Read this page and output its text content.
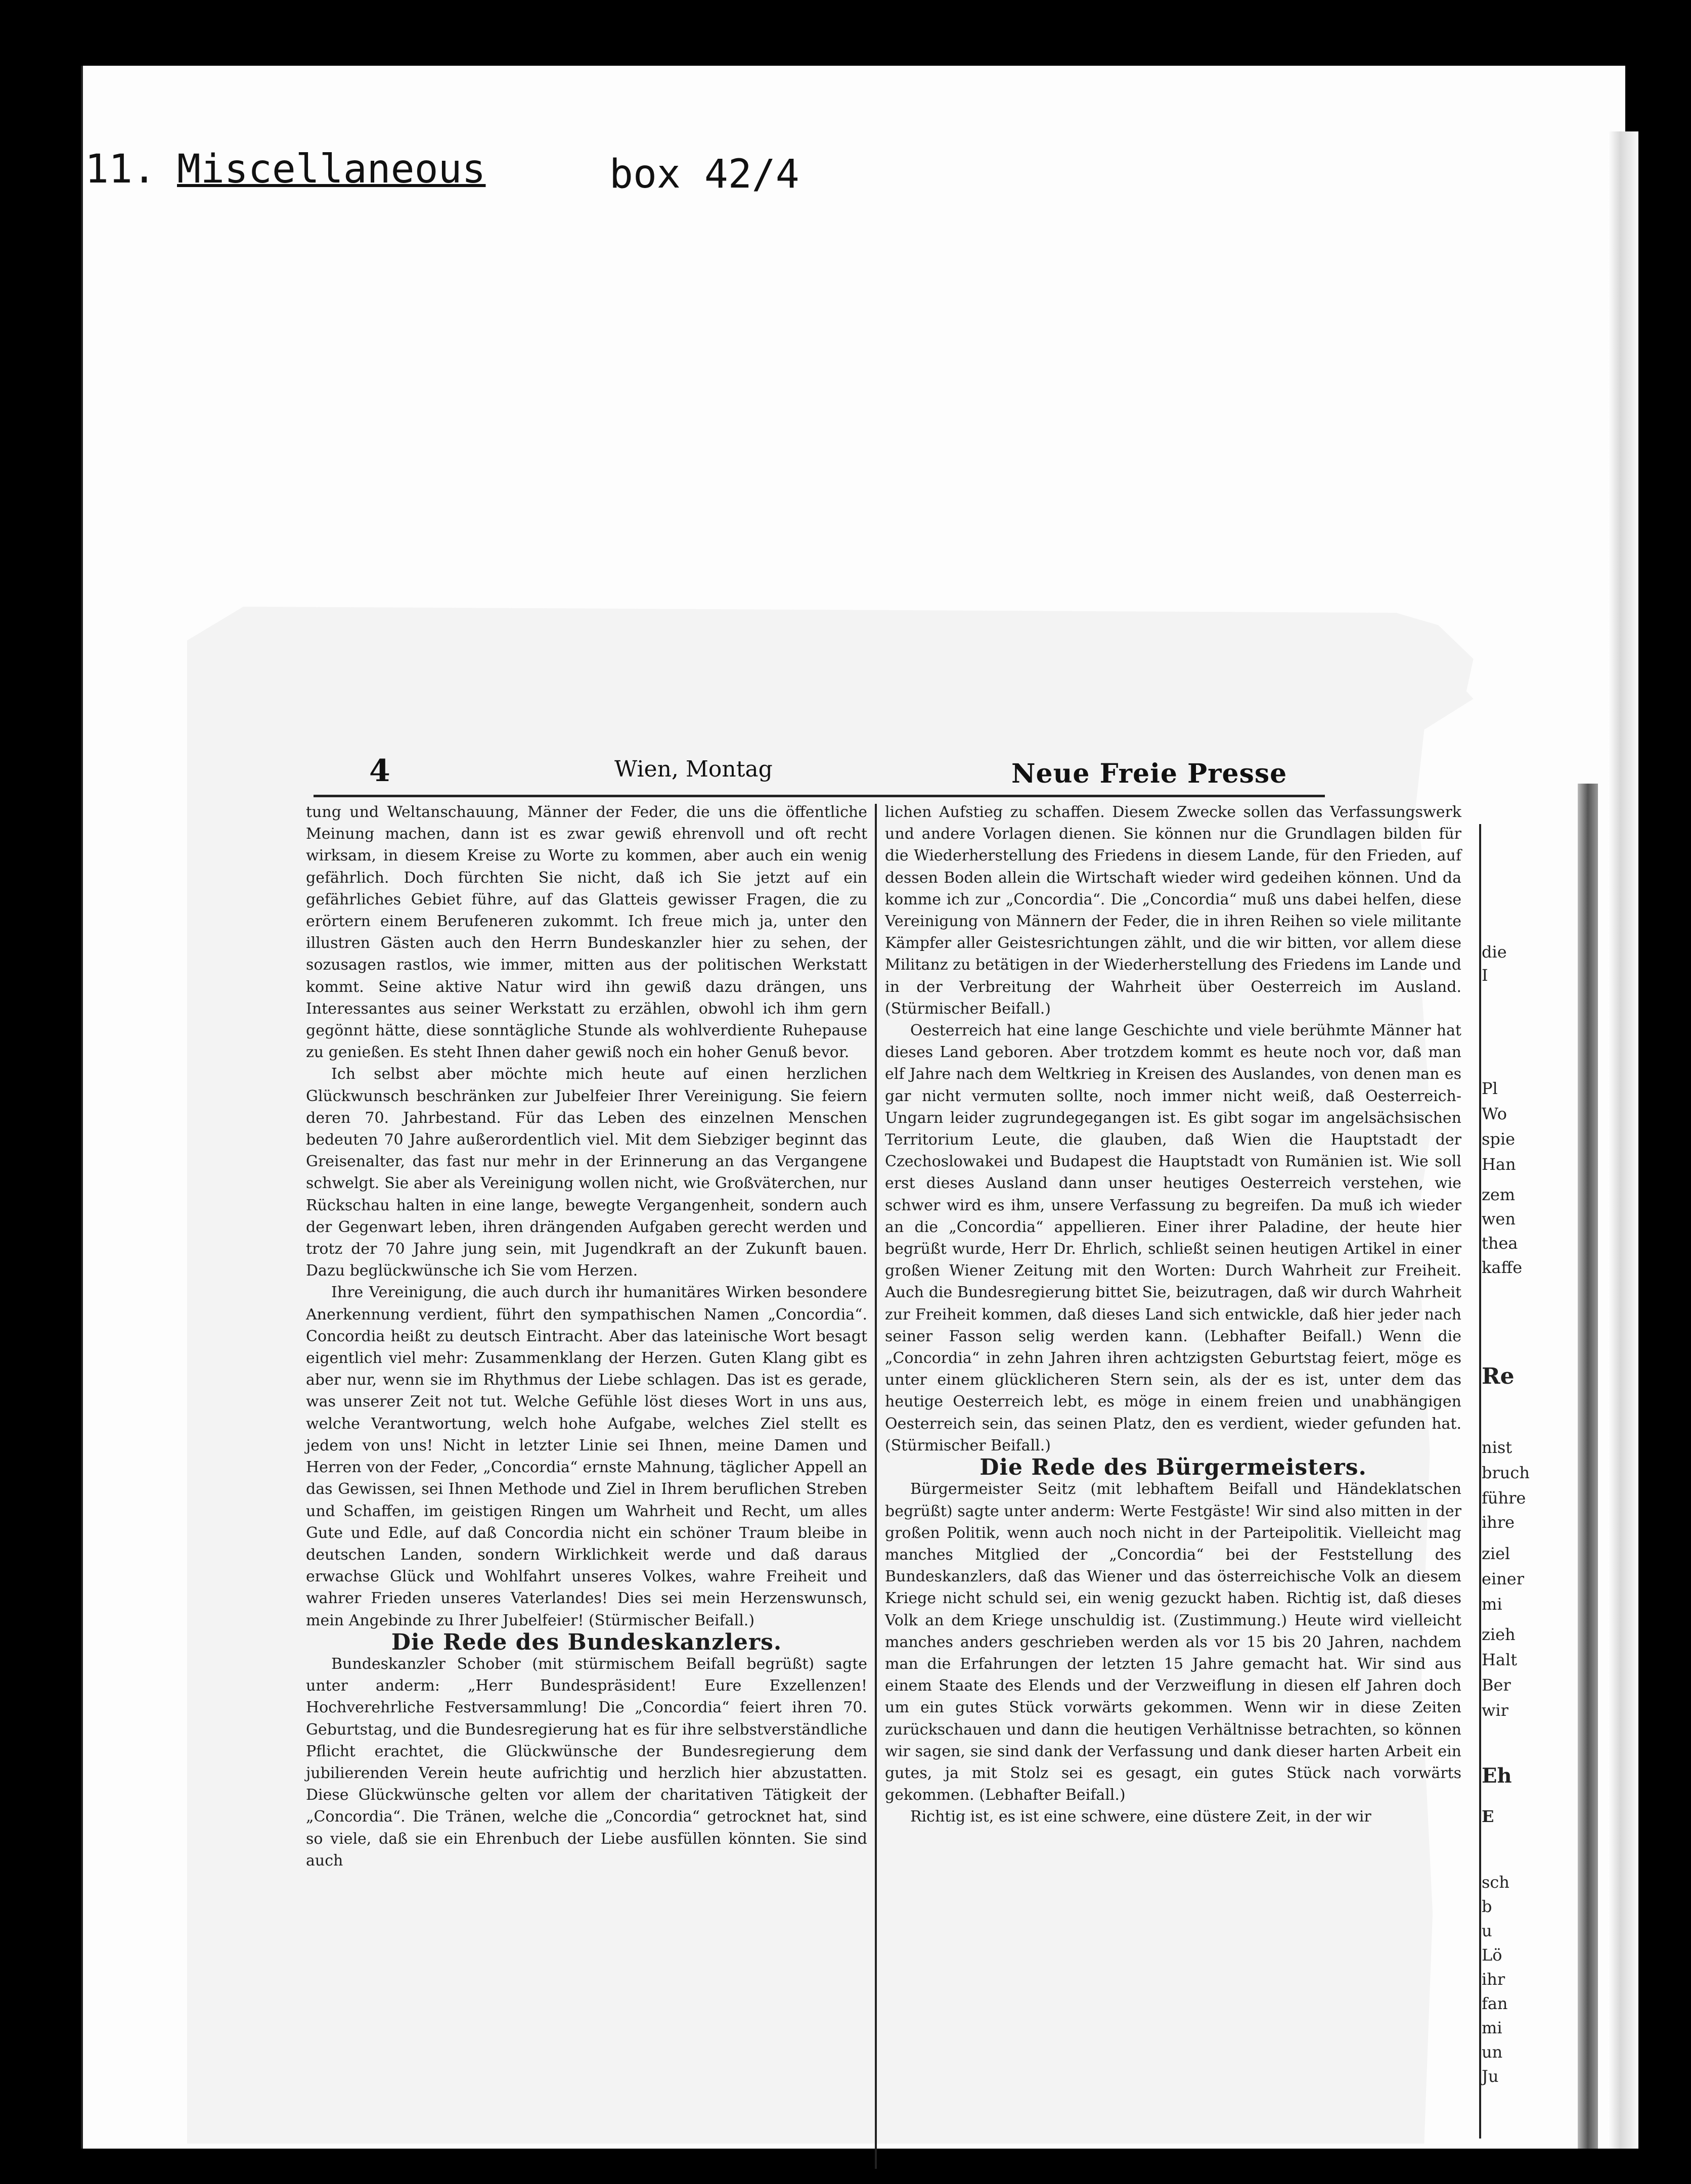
11. Miscellaneous	box 42/4
4	Wien, Montag	Neue Freie Presse

tung und Weltanschauung, Männer der Feder, die uns die öffentliche Meinung machen, dann ist es zwar gewiß ehrenvoll und oft recht wirksam, in diesem Kreise zu Worte zu kommen, aber auch ein wenig gefährlich. Doch fürchten Sie nicht, daß ich Sie jetzt auf ein gefährliches Gebiet führe, auf das Glatteis gewisser Fragen, die zu erörtern einem Berufeneren zukommt. Ich freue mich ja, unter den illustren Gästen auch den Herrn Bundeskanzler hier zu sehen, der sozusagen rastlos, wie immer, mitten aus der politischen Werkstatt kommt. Seine aktive Natur wird ihn gewiß dazu drängen, uns Interessantes aus seiner Werkstatt zu erzählen, obwohl ich ihm gern gegönnt hätte, diese sonntägliche Stunde als wohlverdiente Ruhepause zu genießen. Es steht Ihnen daher gewiß noch ein hoher Genuß bevor.

Ich selbst aber möchte mich heute auf einen herzlichen Glückwunsch beschränken zur Jubelfeier Ihrer Vereinigung. Sie feiern deren 70. Jahrbestand. Für das Leben des einzelnen Menschen bedeuten 70 Jahre außerordentlich viel. Mit dem Siebziger beginnt das Greisenalter, das fast nur mehr in der Erinnerung an das Vergangene schwelgt. Sie aber als Vereinigung wollen nicht, wie Großväterchen, nur Rückschau halten in eine lange, bewegte Vergangenheit, sondern auch der Gegenwart leben, ihren drängenden Aufgaben gerecht werden und trotz der 70 Jahre jung sein, mit Jugendkraft an der Zukunft bauen. Dazu beglückwünsche ich Sie vom Herzen.

Ihre Vereinigung, die auch durch ihr humanitäres Wirken besondere Anerkennung verdient, führt den sympathischen Namen „Concordia“. Concordia heißt zu deutsch Eintracht. Aber das lateinische Wort besagt eigentlich viel mehr: Zusammenklang der Herzen. Guten Klang gibt es aber nur, wenn sie im Rhythmus der Liebe schlagen. Das ist es gerade, was unserer Zeit not tut. Welche Gefühle löst dieses Wort in uns aus, welche Verantwortung, welch hohe Aufgabe, welches Ziel stellt es jedem von uns! Nicht in letzter Linie sei Ihnen, meine Damen und Herren von der Feder, „Concordia“ ernste Mahnung, täglicher Appell an das Gewissen, sei Ihnen Methode und Ziel in Ihrem beruflichen Streben und Schaffen, im geistigen Ringen um Wahrheit und Recht, um alles Gute und Edle, auf daß Concordia nicht ein schöner Traum bleibe in deutschen Landen, sondern Wirklichkeit werde und daß daraus erwachse Glück und Wohlfahrt unseres Volkes, wahre Freiheit und wahrer Frieden unseres Vaterlandes! Dies sei mein Herzenswunsch, mein Angebinde zu Ihrer Jubelfeier! (Stürmischer Beifall.)

Die Rede des Bundeskanzlers.

Bundeskanzler Schober (mit stürmischem Beifall begrüßt) sagte unter anderm: „Herr Bundespräsident! Eure Exzellenzen! Hochverehrliche Festversammlung! Die „Concordia“ feiert ihren 70. Geburtstag, und die Bundesregierung hat es für ihre selbstverständliche Pflicht erachtet, die Glückwünsche der Bundesregierung dem jubilierenden Verein heute aufrichtig und herzlich hier abzustatten. Diese Glückwünsche gelten vor allem der charitativen Tätigkeit der „Concordia“. Die Tränen, welche die „Concordia“ getrocknet hat, sind so viele, daß sie ein Ehrenbuch der Liebe ausfüllen könnten. Sie sind auch

lichen Aufstieg zu schaffen. Diesem Zwecke sollen das Verfassungswerk und andere Vorlagen dienen. Sie können nur die Grundlagen bilden für die Wiederherstellung des Friedens in diesem Lande, für den Frieden, auf dessen Boden allein die Wirtschaft wieder wird gedeihen können. Und da komme ich zur „Concordia“. Die „Concordia“ muß uns dabei helfen, diese Vereinigung von Männern der Feder, die in ihren Reihen so viele militante Kämpfer aller Geistesrichtungen zählt, und die wir bitten, vor allem diese Militanz zu betätigen in der Wiederherstellung des Friedens im Lande und in der Verbreitung der Wahrheit über Oesterreich im Ausland. (Stürmischer Beifall.)

Oesterreich hat eine lange Geschichte und viele berühmte Männer hat dieses Land geboren. Aber trotzdem kommt es heute noch vor, daß man elf Jahre nach dem Weltkrieg in Kreisen des Auslandes, von denen man es gar nicht vermuten sollte, noch immer nicht weiß, daß Oesterreich-Ungarn leider zugrundegegangen ist. Es gibt sogar im angelsächsischen Territorium Leute, die glauben, daß Wien die Hauptstadt der Czechoslowakei und Budapest die Hauptstadt von Rumänien ist. Wie soll erst dieses Ausland dann unser heutiges Oesterreich verstehen, wie schwer wird es ihm, unsere Verfassung zu begreifen. Da muß ich wieder an die „Concordia“ appellieren. Einer ihrer Paladine, der heute hier begrüßt wurde, Herr Dr. Ehrlich, schließt seinen heutigen Artikel in einer großen Wiener Zeitung mit den Worten: Durch Wahrheit zur Freiheit. Auch die Bundesregierung bittet Sie, beizutragen, daß wir durch Wahrheit zur Freiheit kommen, daß dieses Land sich entwickle, daß hier jeder nach seiner Fasson selig werden kann. (Lebhafter Beifall.) Wenn die „Concordia“ in zehn Jahren ihren achtzigsten Geburtstag feiert, möge es unter einem glücklicheren Stern sein, als der es ist, unter dem das heutige Oesterreich lebt, es möge in einem freien und unabhängigen Oesterreich sein, das seinen Platz, den es verdient, wieder gefunden hat. (Stürmischer Beifall.)

Die Rede des Bürgermeisters.

Bürgermeister Seitz (mit lebhaftem Beifall und Händeklatschen begrüßt) sagte unter anderm: Werte Festgäste! Wir sind also mitten in der großen Politik, wenn auch noch nicht in der Parteipolitik. Vielleicht mag manches Mitglied der „Concordia“ bei der Feststellung des Bundeskanzlers, daß das Wiener und das österreichische Volk an diesem Kriege nicht schuld sei, ein wenig gezuckt haben. Richtig ist, daß dieses Volk an dem Kriege unschuldig ist. (Zustimmung.) Heute wird vielleicht manches anders geschrieben werden als vor 15 bis 20 Jahren, nachdem man die Erfahrungen der letzten 15 Jahre gemacht hat. Wir sind aus einem Staate des Elends und der Verzweiflung in diesen elf Jahren doch um ein gutes Stück vorwärts gekommen. Wenn wir in diese Zeiten zurückschauen und dann die heutigen Verhältnisse betrachten, so können wir sagen, sie sind dank der Verfassung und dank dieser harten Arbeit ein gutes, ja mit Stolz sei es gesagt, ein gutes Stück nach vorwärts gekommen. (Lebhafter Beifall.)

Richtig ist, es ist eine schwere, eine düstere Zeit, in der wir

die
I
Pl
Wo
spie
Han
zem
wen
thea
kaffe
Re
nist
bruch
führe
ihre
ziel
einer
mi
zieh
Halt
Ber
wir
Eh
E
sch
b
u
Lö
ihr
fan
mi
un
Ju
